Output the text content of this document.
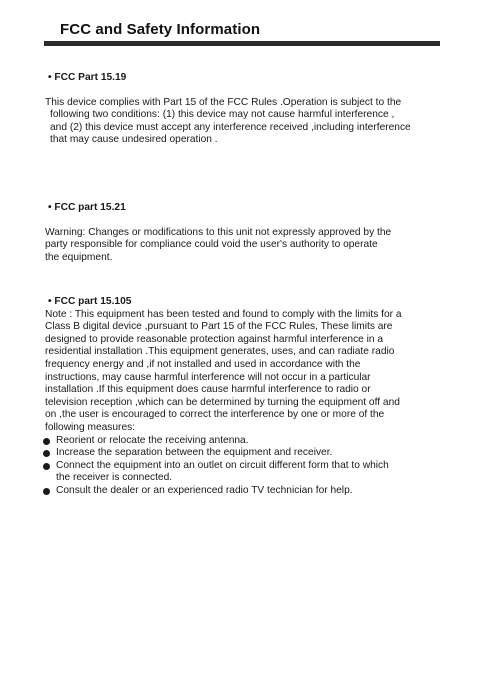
FCC and Safety Information

• FCC Part 15.19

This device complies with Part 15 of the FCC Rules .Operation is subject to the

following two conditions: (1) this device may not cause harmful interference ,

and (2) this device must accept any interference received ,including interference

that may cause undesired operation .

• FCC part 15.21

Warning: Changes or modifications to this unit not expressly approved by the

party responsible for compliance could void the user's authority to operate

the equipment.

• FCC part 15.105

Note : This equipment has been tested and found to comply with the limits for a

Class B digital device ,pursuant to Part 15 of the FCC Rules, These limits are

designed to provide reasonable protection against harmful interference in a

residential installation .This equipment generates, uses, and can radiate radio

frequency energy and ,if not installed and used in accordance with the

instructions, may cause harmful interference will not occur in a particular

installation .If this equipment does cause harmful interference to radio or

television reception ,which can be determined by turning the equipment off and

on ,the user is encouraged to correct the interference by one or more of the

following measures:

Reorient or relocate the receiving antenna.
Increase the separation between the equipment and receiver.
Connect the equipment into an outlet on circuit different form that to which
the receiver is connected.
Consult the dealer or an experienced radio TV technician for help.
